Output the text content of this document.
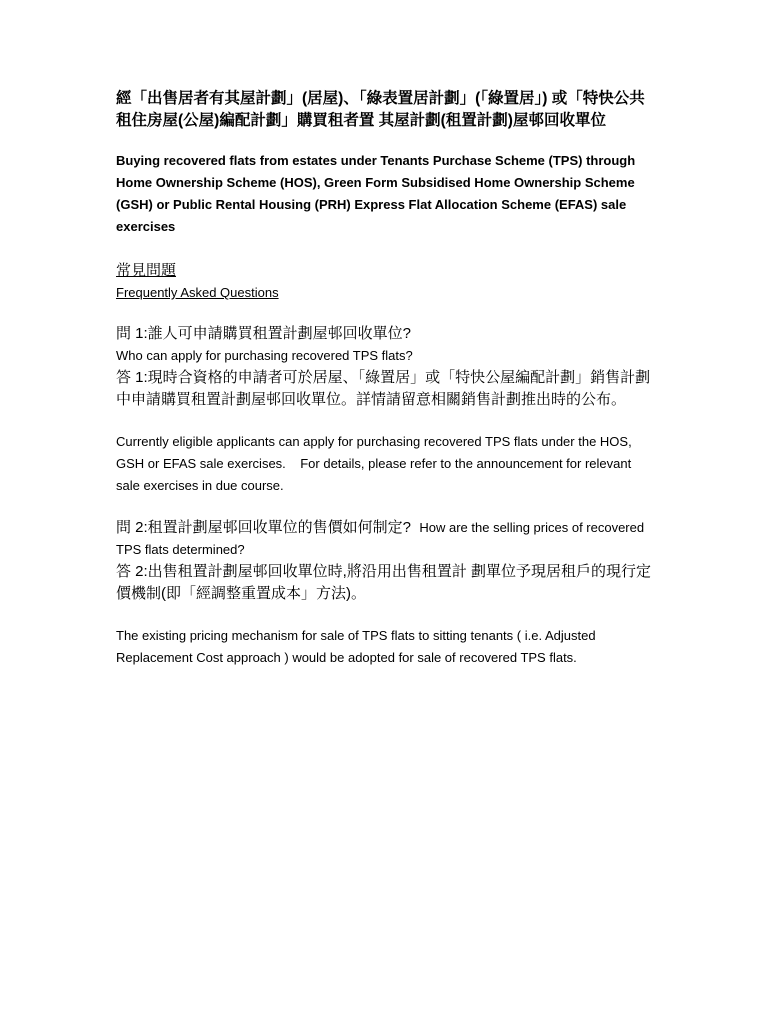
經「出售居者有其屋計劃」(居屋)、「綠表置居計劃」(「綠置居」) 或「特快公共租住房屋(公屋)編配計劃」購買租者置 其屋計劃(租置計劃)屋邨回收單位

Buying recovered flats from estates under Tenants Purchase Scheme (TPS) through Home Ownership Scheme (HOS), Green Form Subsidised Home Ownership Scheme (GSH) or Public Rental Housing (PRH) Express Flat Allocation Scheme (EFAS) sale exercises

常見問題

Frequently Asked Questions

問 1:誰人可申請購買租置計劃屋邨回收單位?

Who can apply for purchasing recovered TPS flats?

答 1:現時合資格的申請者可於居屋、「綠置居」或「特快公屋編配計劃」銷售計劃中申請購買租置計劃屋邨回收單位。詳情請留意相關銷售計劃推出時的公布。

Currently eligible applicants can apply for purchasing recovered TPS flats under the HOS, GSH or EFAS sale exercises.    For details, please refer to the announcement for relevant sale exercises in due course.

問 2:租置計劃屋邨回收單位的售價如何制定? How are the selling prices of recovered TPS flats determined?

答 2:出售租置計劃屋邨回收單位時,將沿用出售租置計 劃單位予現居租戶的現行定價機制(即「經調整重置成本」方法)。

The existing pricing mechanism for sale of TPS flats to sitting tenants ( i.e. Adjusted Replacement Cost approach ) would be adopted for sale of recovered TPS flats.
